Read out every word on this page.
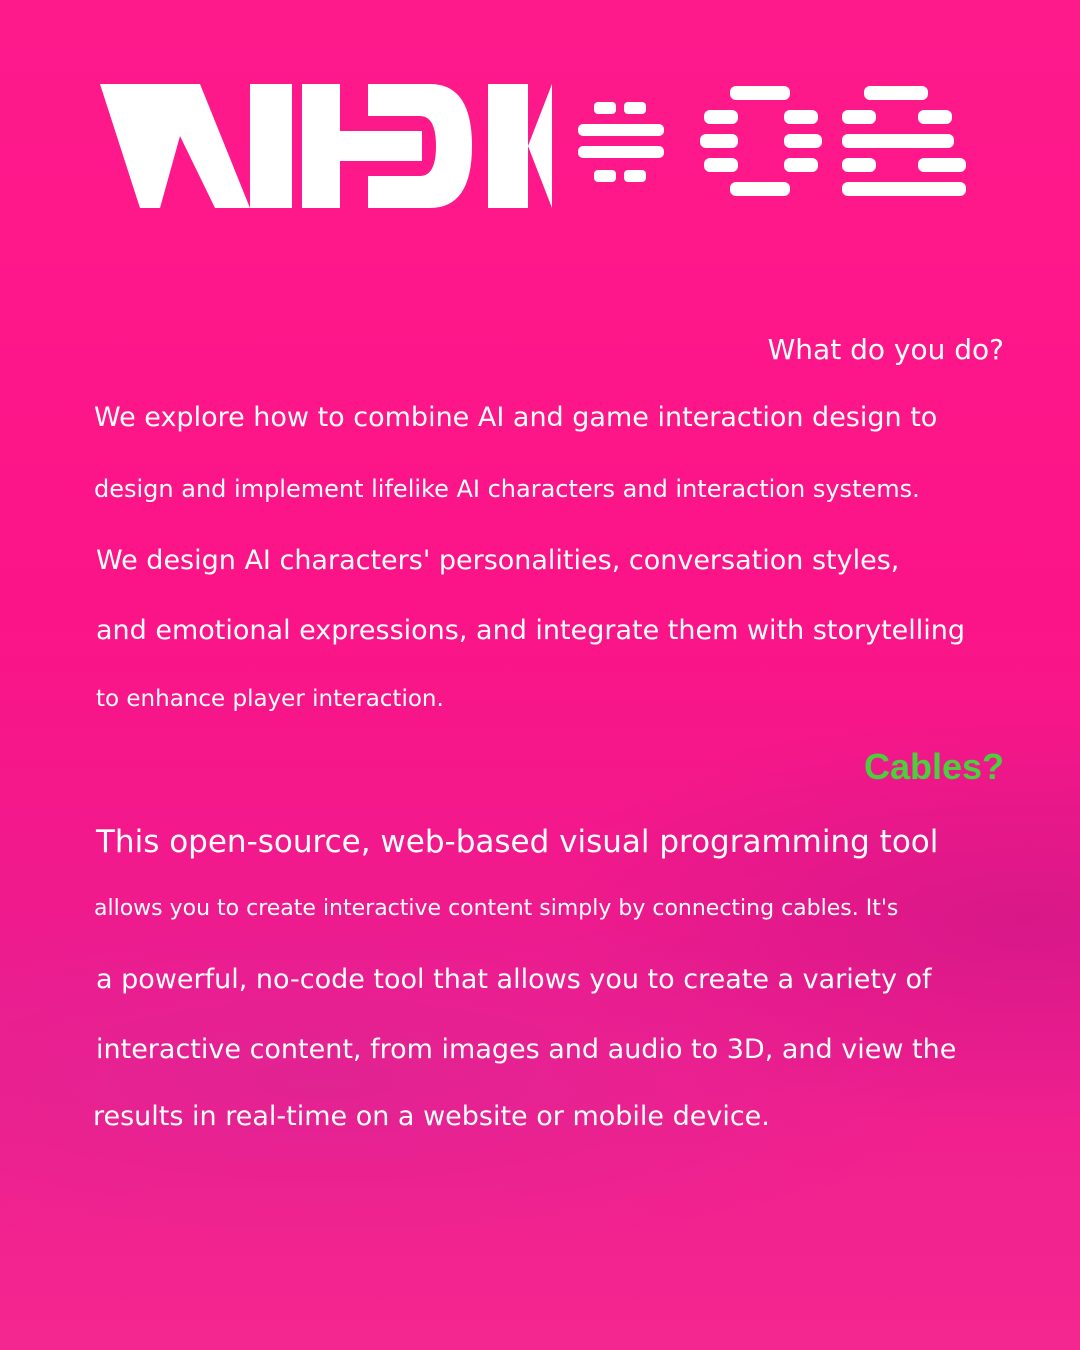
What do you do?
We explore how to combine AI and game interaction design to
design and implement lifelike AI characters and interaction systems.
We design AI characters' personalities, conversation styles,
and emotional expressions, and integrate them with storytelling
to enhance player interaction.
Cables?
This open-source, web-based visual programming tool
allows you to create interactive content simply by connecting cables. It's
a powerful, no-code tool that allows you to create a variety of
interactive content, from images and audio to 3D, and view the
results in real-time on a website or mobile device.
